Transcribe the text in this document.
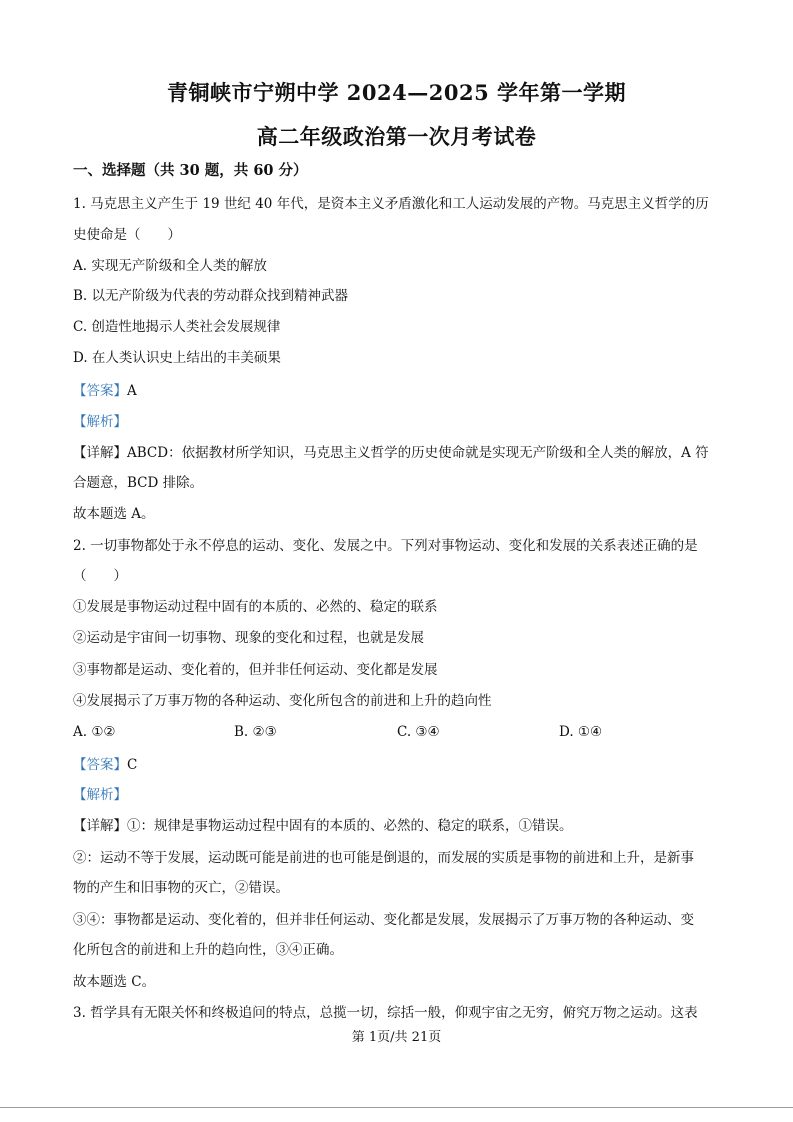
青铜峡市宁朔中学 2024—2025 学年第一学期
高二年级政治第一次月考试卷
一、选择题（共 30 题，共 60 分）
1. 马克思主义产生于 19 世纪 40 年代，是资本主义矛盾激化和工人运动发展的产物。马克思主义哲学的历
史使命是（　　）
A. 实现无产阶级和全人类的解放
B. 以无产阶级为代表的劳动群众找到精神武器
C. 创造性地揭示人类社会发展规律
D. 在人类认识史上结出的丰美硕果
【答案】A
【解析】
【详解】ABCD：依据教材所学知识，马克思主义哲学的历史使命就是实现无产阶级和全人类的解放，A 符
合题意，BCD 排除。
故本题选 A。
2. 一切事物都处于永不停息的运动、变化、发展之中。下列对事物运动、变化和发展的关系表述正确的是
（　　）
①发展是事物运动过程中固有的本质的、必然的、稳定的联系
②运动是宇宙间一切事物、现象的变化和过程，也就是发展
③事物都是运动、变化着的，但并非任何运动、变化都是发展
④发展揭示了万事万物的各种运动、变化所包含的前进和上升的趋向性
A. ①②	B. ②③	C. ③④	D. ①④
【答案】C
【解析】
【详解】①：规律是事物运动过程中固有的本质的、必然的、稳定的联系，①错误。
②：运动不等于发展，运动既可能是前进的也可能是倒退的，而发展的实质是事物的前进和上升，是新事
物的产生和旧事物的灭亡，②错误。
③④：事物都是运动、变化着的，但并非任何运动、变化都是发展，发展揭示了万事万物的各种运动、变
化所包含的前进和上升的趋向性，③④正确。
故本题选 C。
3. 哲学具有无限关怀和终极追问的特点，总揽一切，综括一般，仰观宇宙之无穷，俯究万物之运动。这表
第 1页/共 21页
